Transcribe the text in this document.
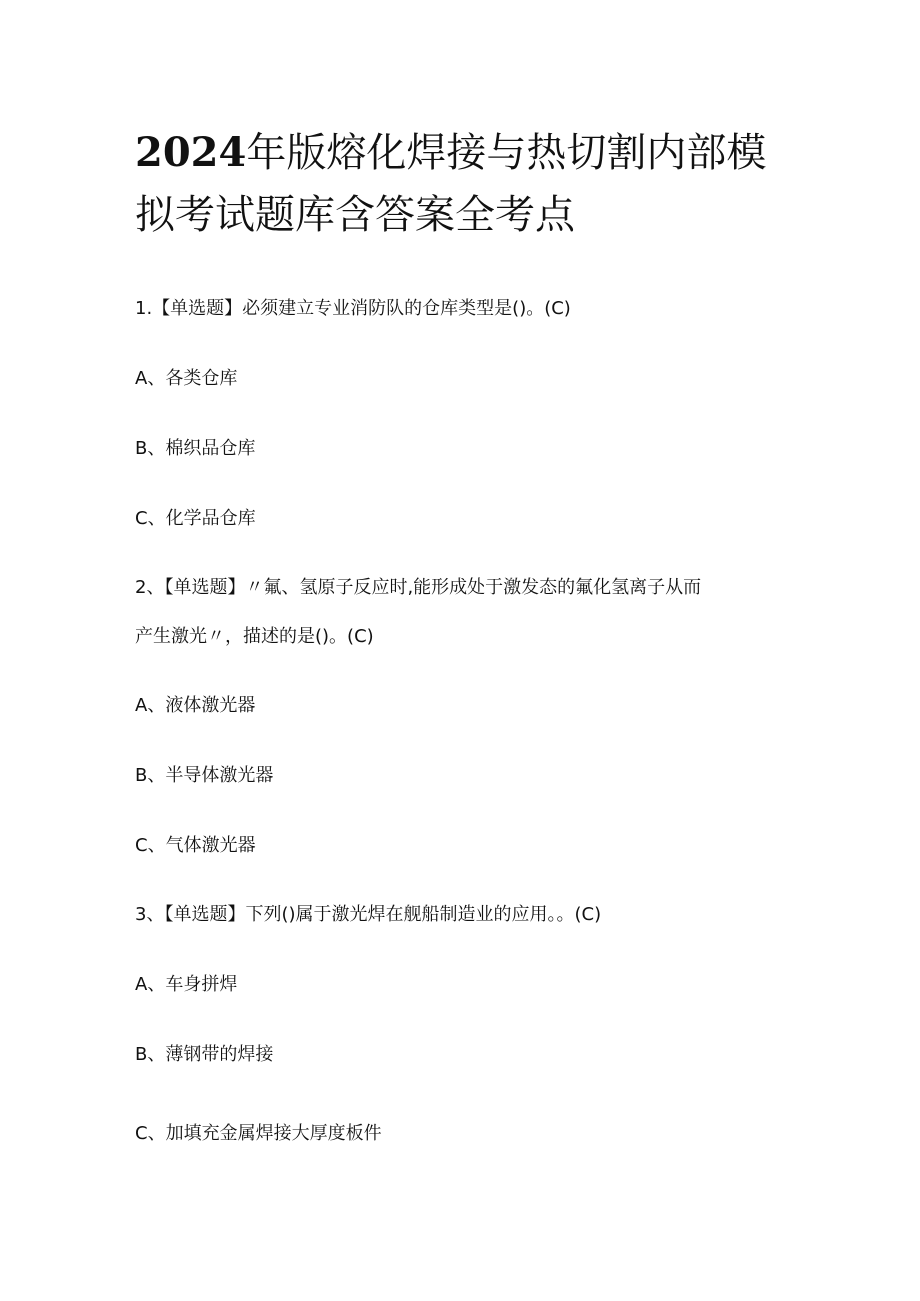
2024年版熔化焊接与热切割内部模拟考试题库含答案全考点

1.【单选题】必须建立专业消防队的仓库类型是()。(C)

A、各类仓库

B、棉织品仓库

C、化学品仓库

2、【单选题】〃氟、氢原子反应时,能形成处于激发态的氟化氢离子从而

产生激光〃，描述的是()。(C)

A、液体激光器

B、半导体激光器

C、气体激光器

3、【单选题】下列()属于激光焊在舰船制造业的应用。。(C)

A、车身拼焊

B、薄钢带的焊接

C、加填充金属焊接大厚度板件
